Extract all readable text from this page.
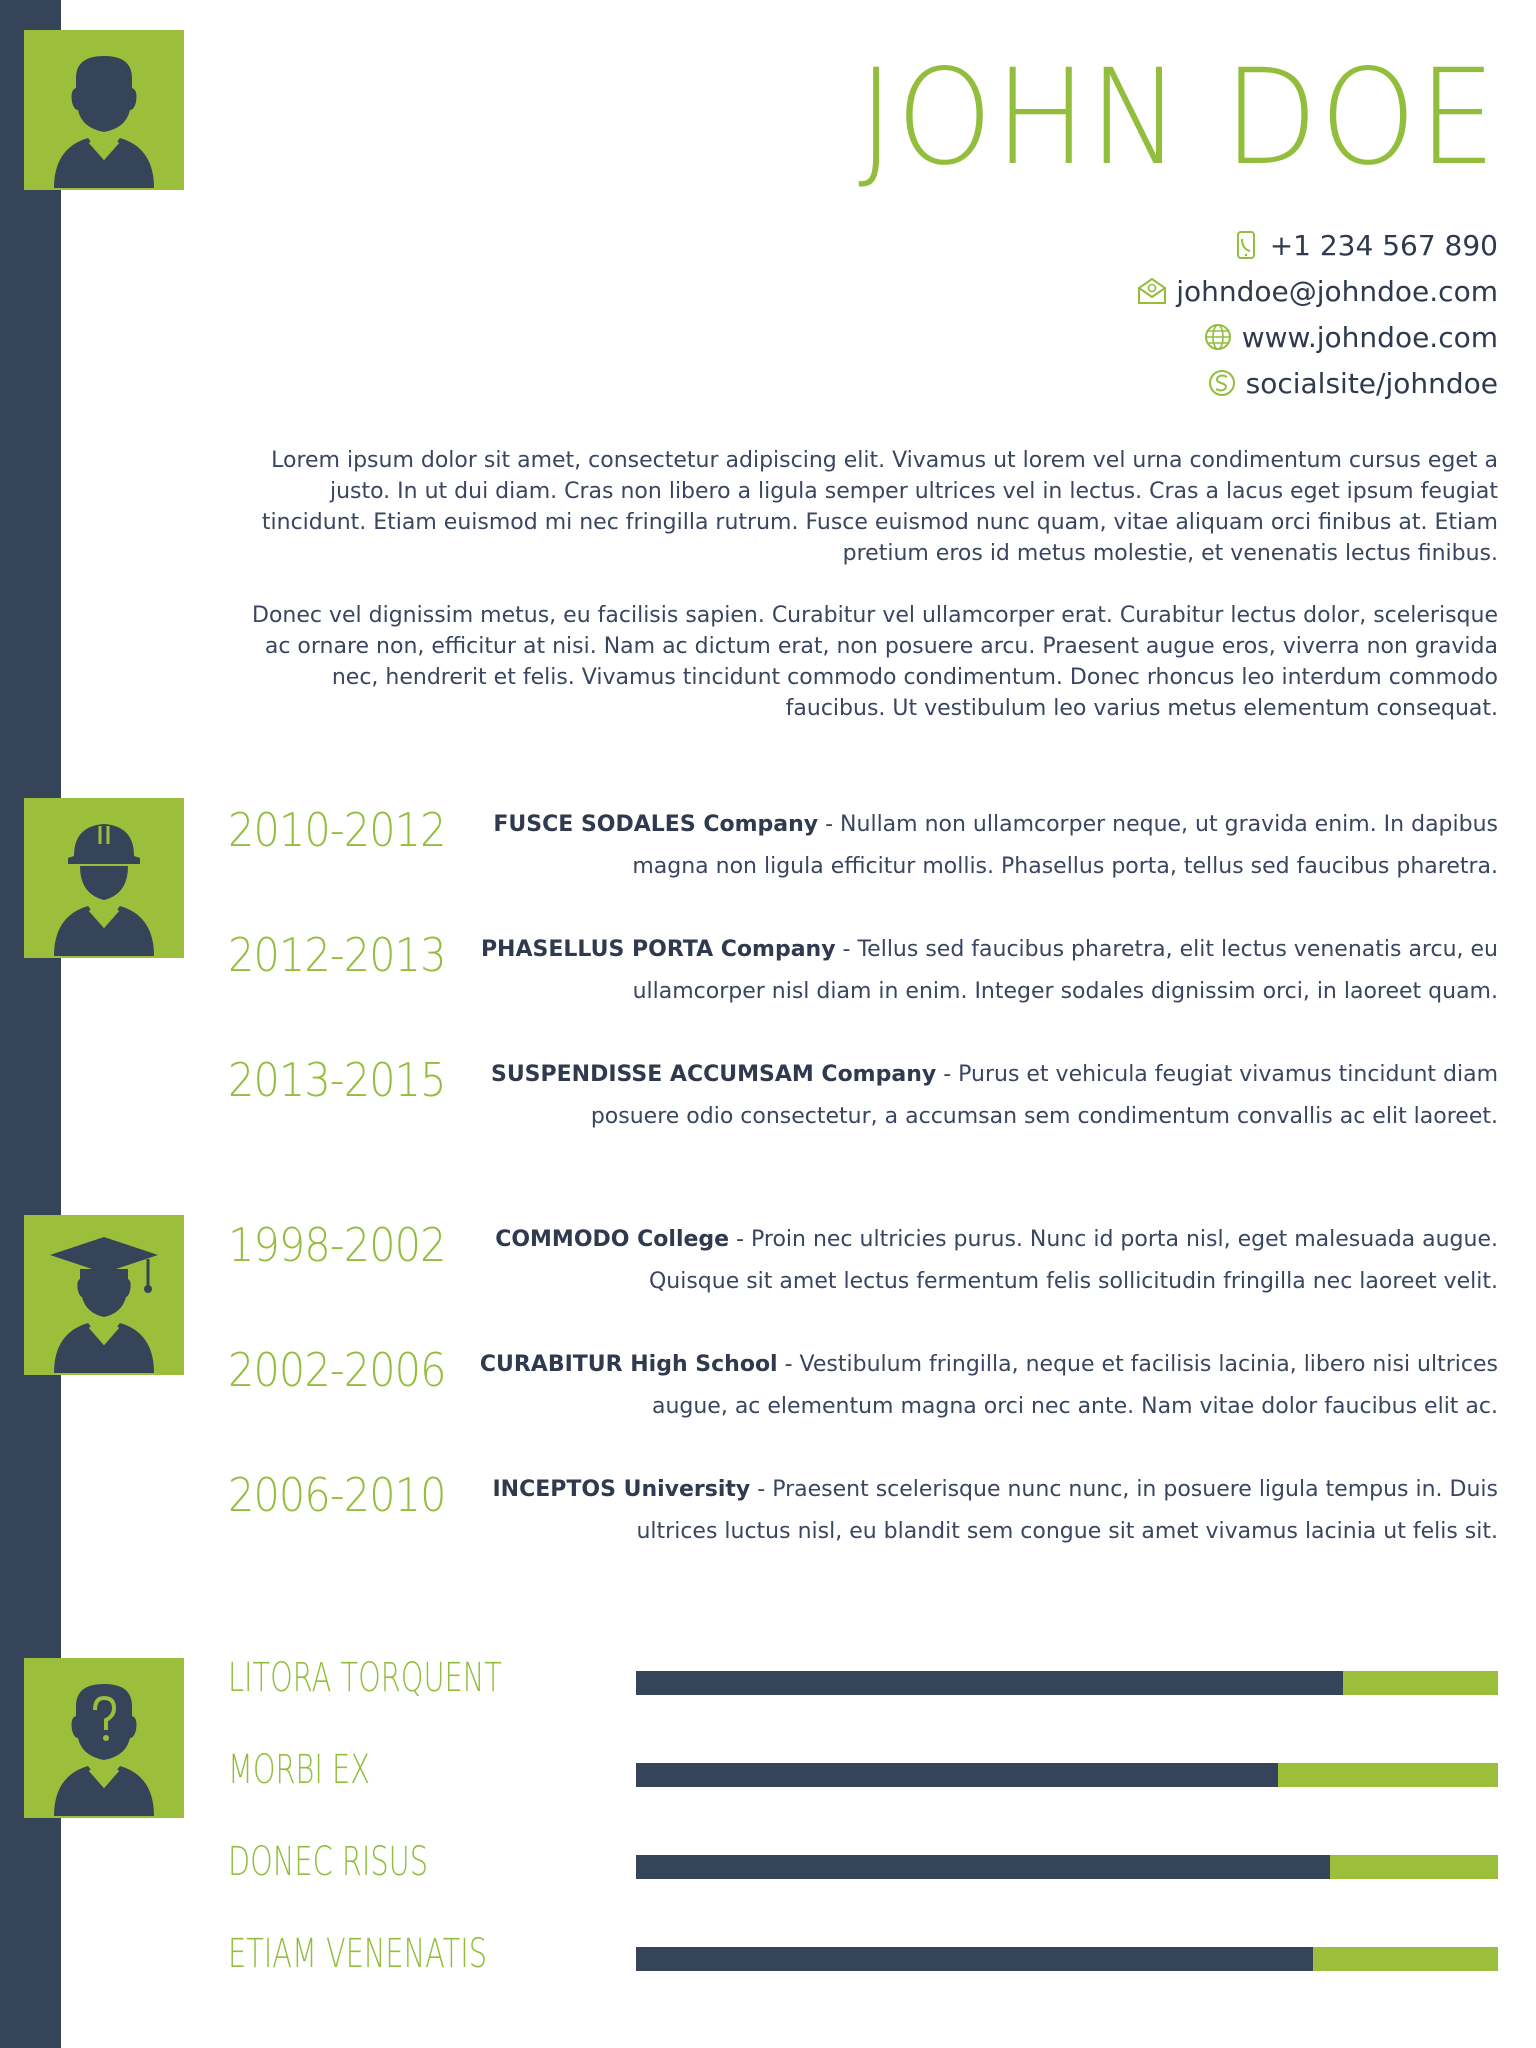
JOHN DOE
+1 234 567 890
johndoe@johndoe.com
www.johndoe.com
socialsite/johndoe

Lorem ipsum dolor sit amet, consectetur adipiscing elit. Vivamus ut lorem vel urna condimentum cursus eget a justo. In ut dui diam. Cras non libero a ligula semper ultrices vel in lectus. Cras a lacus eget ipsum feugiat tincidunt. Etiam euismod mi nec fringilla rutrum. Fusce euismod nunc quam, vitae aliquam orci finibus at. Etiam pretium eros id metus molestie, et venenatis lectus finibus.

Donec vel dignissim metus, eu facilisis sapien. Curabitur vel ullamcorper erat. Curabitur lectus dolor, scelerisque ac ornare non, efficitur at nisi. Nam ac dictum erat, non posuere arcu. Praesent augue eros, viverra non gravida nec, hendrerit et felis. Vivamus tincidunt commodo condimentum. Donec rhoncus leo interdum commodo faucibus. Ut vestibulum leo varius metus elementum consequat.

2010-2012	FUSCE SODALES Company - Nullam non ullamcorper neque, ut gravida enim. In dapibus magna non ligula efficitur mollis. Phasellus porta, tellus sed faucibus pharetra.
2012-2013 PHASELLUS PORTA Company - Tellus sed faucibus pharetra, elit lectus venenatis arcu, eu ullamcorper nisl diam in enim. Integer sodales dignissim orci, in laoreet quam.
2013-2015	SUSPENDISSE ACCUMSAM Company - Purus et vehicula feugiat vivamus tincidunt diam posuere odio consectetur, a accumsan sem condimentum convallis ac elit laoreet.
1998-2002	COMMODO College - Proin nec ultricies purus. Nunc id porta nisl, eget malesuada augue. Quisque sit amet lectus fermentum felis sollicitudin fringilla nec laoreet velit.
2002-2006 CURABITUR High School - Vestibulum fringilla, neque et facilisis lacinia, libero nisi ultrices augue, ac elementum magna orci nec ante. Nam vitae dolor faucibus elit ac.
2006-2010	INCEPTOS University - Praesent scelerisque nunc nunc, in posuere ligula tempus in. Duis ultrices luctus nisl, eu blandit sem congue sit amet vivamus lacinia ut felis sit.
LITORA TORQUENT
MORBI EX
DONEC RISUS
ETIAM VENENATIS
